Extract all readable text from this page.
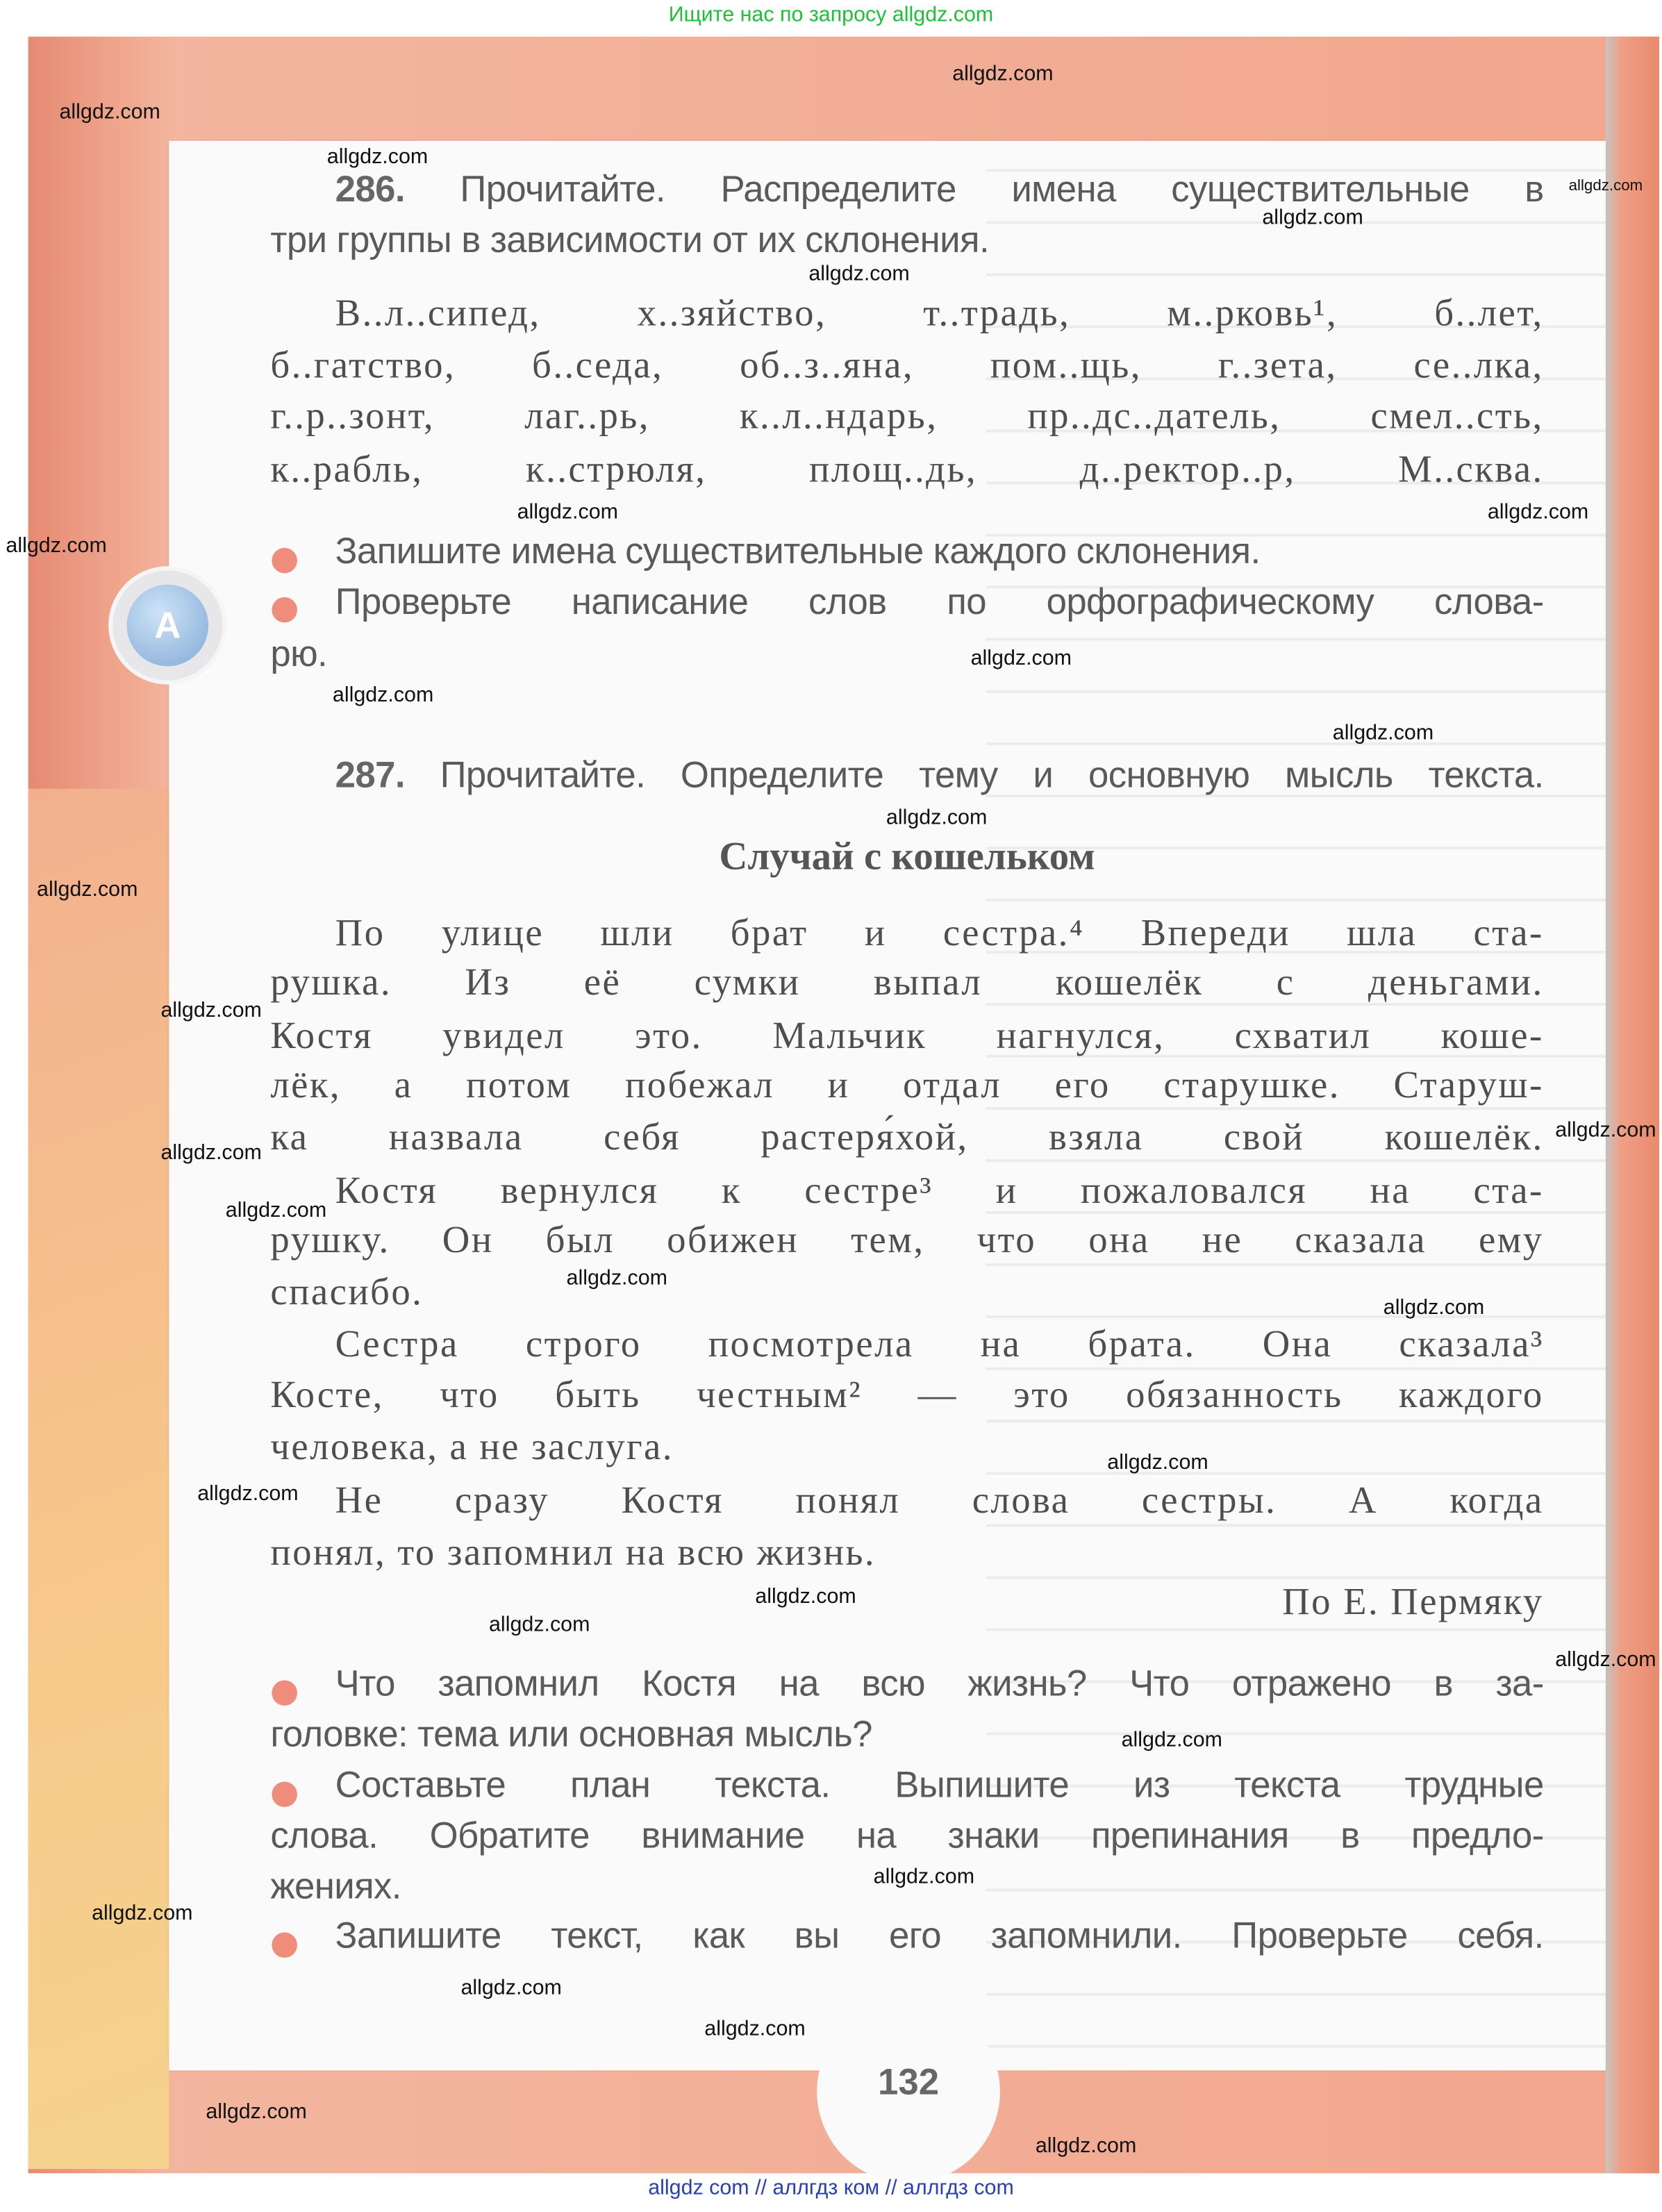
Ищите нас по запросу allgdz.com
132
A
286.	Прочитайте. Распределите имена существительные в
три группы в зависимости от их склонения.
В..л..сипед, х..зяйство, т..традь, м..рковь¹, б..лет,
б..гатство, б..седа, об..з..яна, пом..щь, г..зета, се..лка,
г..р..зонт, лаг..рь, к..л..ндарь, пр..дс..датель, смел..сть,
к..рабль, к..стрюля, площ..дь, д..ректор..р, М..сква.
Запишите имена существительные каждого склонения.
Проверьте написание слов по орфографическому слова-
рю.
287. Прочитайте. Определите тему и основную мысль текста.
Случай с кошельком
По улице шли брат и сестра.⁴ Впереди шла ста-
рушка. Из её сумки выпал кошелёк с деньгами.
Костя увидел это. Мальчик нагнулся, схватил коше-
лёк, а потом побежал и отдал его старушке. Старуш-
ка назвала себя растеря́хой, взяла свой кошелёк.
Костя вернулся к сестре³ и пожаловался на ста-
рушку. Он был обижен тем, что она не сказала ему
спасибо.
Сестра строго посмотрела на брата. Она сказала³
Косте, что быть честным² — это обязанность каждого
человека, а не заслуга.
Не сразу Костя понял слова сестры. А когда
понял, то запомнил на всю жизнь.
По Е. Пермяку
Что запомнил Костя на всю жизнь? Что отражено в за-
головке: тема или основная мысль?
Составьте план текста. Выпишите из текста трудные
слова. Обратите внимание на знаки препинания в предло-
жениях.
Запишите текст, как вы его запомнили. Проверьте себя.
allgdz.com
allgdz.com
allgdz.com
allgdz.com
allgdz.com
allgdz.com
allgdz.com
allgdz.com
allgdz.com
allgdz.com
allgdz.com
allgdz.com
allgdz.com
allgdz.com
allgdz.com
allgdz.com
allgdz.com
allgdz.com
allgdz.com
allgdz.com
allgdz.com
allgdz.com
allgdz.com
allgdz.com
allgdz.com
allgdz.com
allgdz.com
allgdz.com
allgdz.com
allgdz.com
allgdz.com
allgdz.com
allgdz com // аллгдз ком // аллгдз com
